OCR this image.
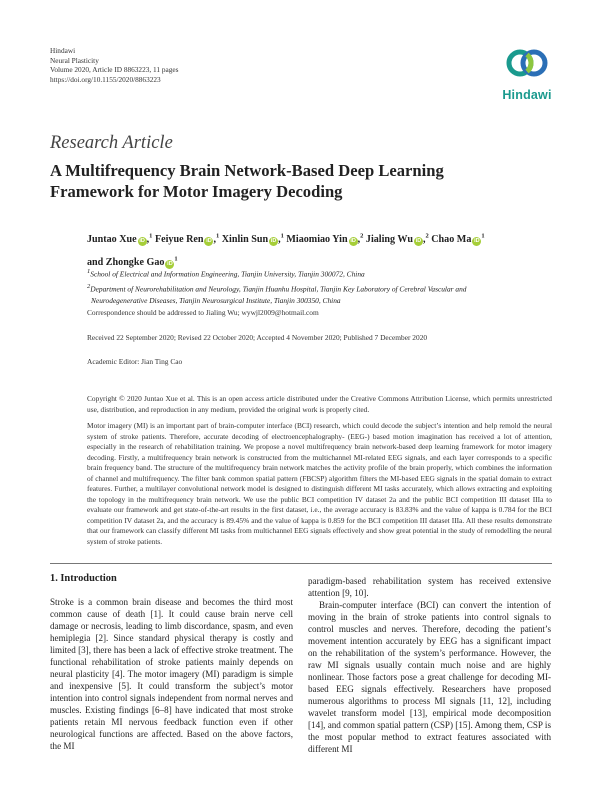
Hindawi
Neural Plasticity
Volume 2020, Article ID 8863223, 11 pages
https://doi.org/10.1155/2020/8863223
Hindawi
Research Article
A Multifrequency Brain Network-Based Deep Learning Framework for Motor Imagery Decoding
Juntao Xue iD ,$^1$ Feiyue Ren iD ,$^1$ Xinlin Sun iD ,$^1$ Miaomiao Yin iD ,$^2$ Jialing Wu iD ,$^2$ Chao Ma $iD^1$ and Zhongke Gao $iD^1$
$^1$School of Electrical and Information Engineering, Tianjin University, Tianjin 300072, China
$^2$Department of Neurorehabilitation and Neurology, Tianjin Huanhu Hospital, Tianjin Key Laboratory of Cerebral Vascular and
Neurodegenerative Diseases, Tianjin Neurosurgical Institute, Tianjin 300350, China
Correspondence should be addressed to Jialing Wu; wywjl2009@hotmail.com
Received 22 September 2020; Revised 22 October 2020; Accepted 4 November 2020; Published 7 December 2020
Academic Editor: Jian Ting Cao
Copyright © 2020 Juntao Xue et al. This is an open access article distributed under the Creative Commons Attribution License, which permits unrestricted use, distribution, and reproduction in any medium, provided the original work is properly cited.
Motor imagery (MI) is an important part of brain-computer interface (BCI) research, which could decode the subject’s intention and help remold the neural system of stroke patients. Therefore, accurate decoding of electroencephalography- (EEG-) based motion imagination has received a lot of attention, especially in the research of rehabilitation training. We propose a novel multifrequency brain network-based deep learning framework for motor imagery decoding. Firstly, a multifrequency brain network is constructed from the multichannel MI-related EEG signals, and each layer corresponds to a specific brain frequency band. The structure of the multifrequency brain network matches the activity profile of the brain properly, which combines the information of channel and multifrequency. The filter bank common spatial pattern (FBCSP) algorithm filters the MI-based EEG signals in the spatial domain to extract features. Further, a multilayer convolutional network model is designed to distinguish different MI tasks accurately, which allows extracting and exploiting the topology in the multifrequency brain network. We use the public BCI competition IV dataset 2a and the public BCI competition III dataset IIIa to evaluate our framework and get state-of-the-art results in the first dataset, i.e., the average accuracy is 83.83% and the value of kappa is 0.784 for the BCI competition IV dataset 2a, and the accuracy is 89.45% and the value of kappa is 0.859 for the BCI competition III dataset IIIa. All these results demonstrate that our framework can classify different MI tasks from multichannel EEG signals effectively and show great potential in the study of remodelling the neural system of stroke patients.
1. Introduction

Stroke is a common brain disease and becomes the third most common cause of death [1]. It could cause brain nerve cell damage or necrosis, leading to limb discordance, spasm, and even hemiplegia [2]. Since standard physical therapy is costly and limited [3], there has been a lack of effective stroke treatment. The functional rehabilitation of stroke patients mainly depends on neural plasticity [4]. The motor imagery (MI) paradigm is simple and inexpensive [5]. It could transform the subject’s motor intention into control signals independent from normal nerves and muscles. Existing findings [6–8] have indicated that most stroke patients retain MI nervous feedback function even if other neurological functions are affected. Based on the above factors, the MI

paradigm-based rehabilitation system has received extensive attention [9, 10].

Brain-computer interface (BCI) can convert the intention of moving in the brain of stroke patients into control signals to control muscles and nerves. Therefore, decoding the patient’s movement intention accurately by EEG has a significant impact on the rehabilitation of the system’s performance. However, the raw MI signals usually contain much noise and are highly nonlinear. Those factors pose a great challenge for decoding MI-based EEG signals effectively. Researchers have proposed numerous algorithms to process MI signals [11, 12], including wavelet transform model [13], empirical mode decomposition [14], and common spatial pattern (CSP) [15]. Among them, CSP is the most popular method to extract features associated with different MI
